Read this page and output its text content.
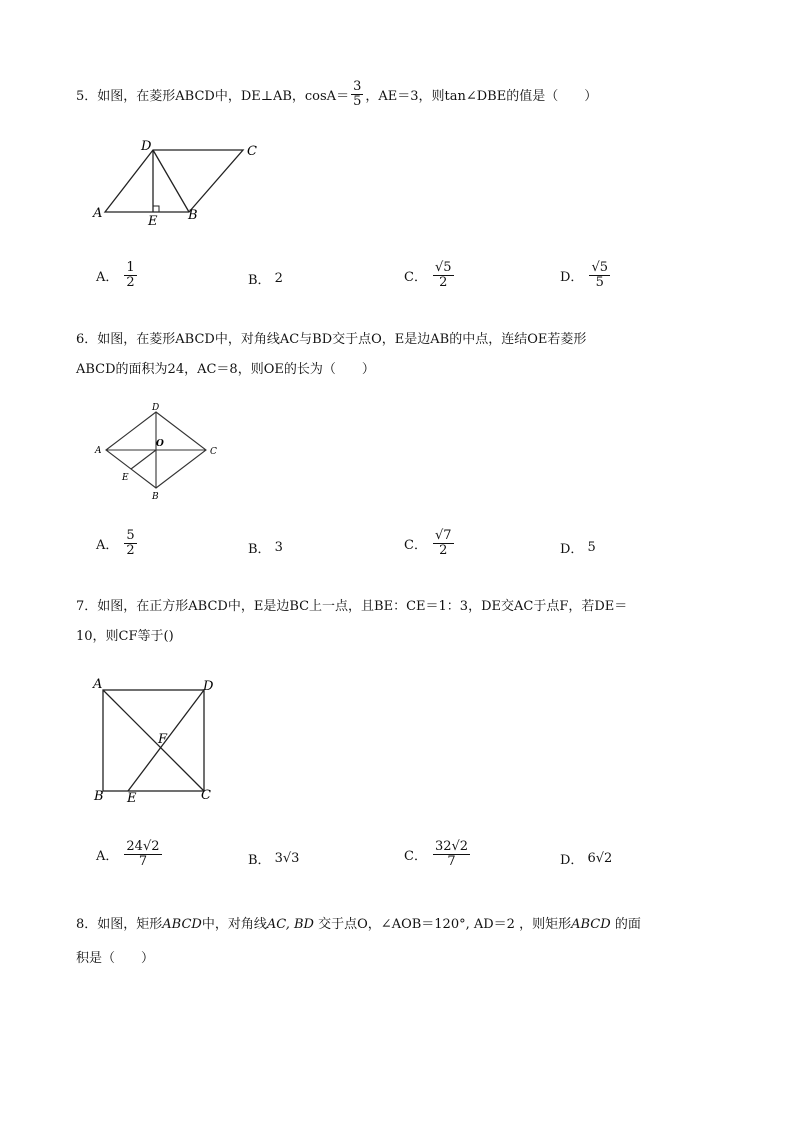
5．如图，在菱形ABCD中，DE⊥AB，$\cos A= \frac{3}{5}$ ，AE＝3，则tan∠DBE的值是（　　）
D	C
A	B
E
A． $\frac{1}{2}$	B． 2	C． $\frac{√5}{2}$	D． $\frac{√5}{5}$
6．如图，在菱形ABCD中，对角线AC与BD交于点O，E是边AB的中点，连结OE若菱形
ABCD的面积为24，AC＝8，则OE的长为（　　）
D
A	C
B
E
O
A． $\frac{5}{2}$	B． 3	C． $\frac{√7}{2}$	D． 5
7．如图，在正方形ABCD中，E是边BC上一点，且BE：CE＝1：3，DE交AC于点F，若DE＝
10，则CF等于()
A	D
B E	C
F
A． $\frac{24√2}{7}$	B． 3 √3	C． $\frac{32√2}{7}$	D． 6 √2
8．如图，矩形ABCD中，对角线AC, BD 交于点O，∠AOB＝120°, AD＝2 ，则矩形ABCD 的面
积是（　　）
